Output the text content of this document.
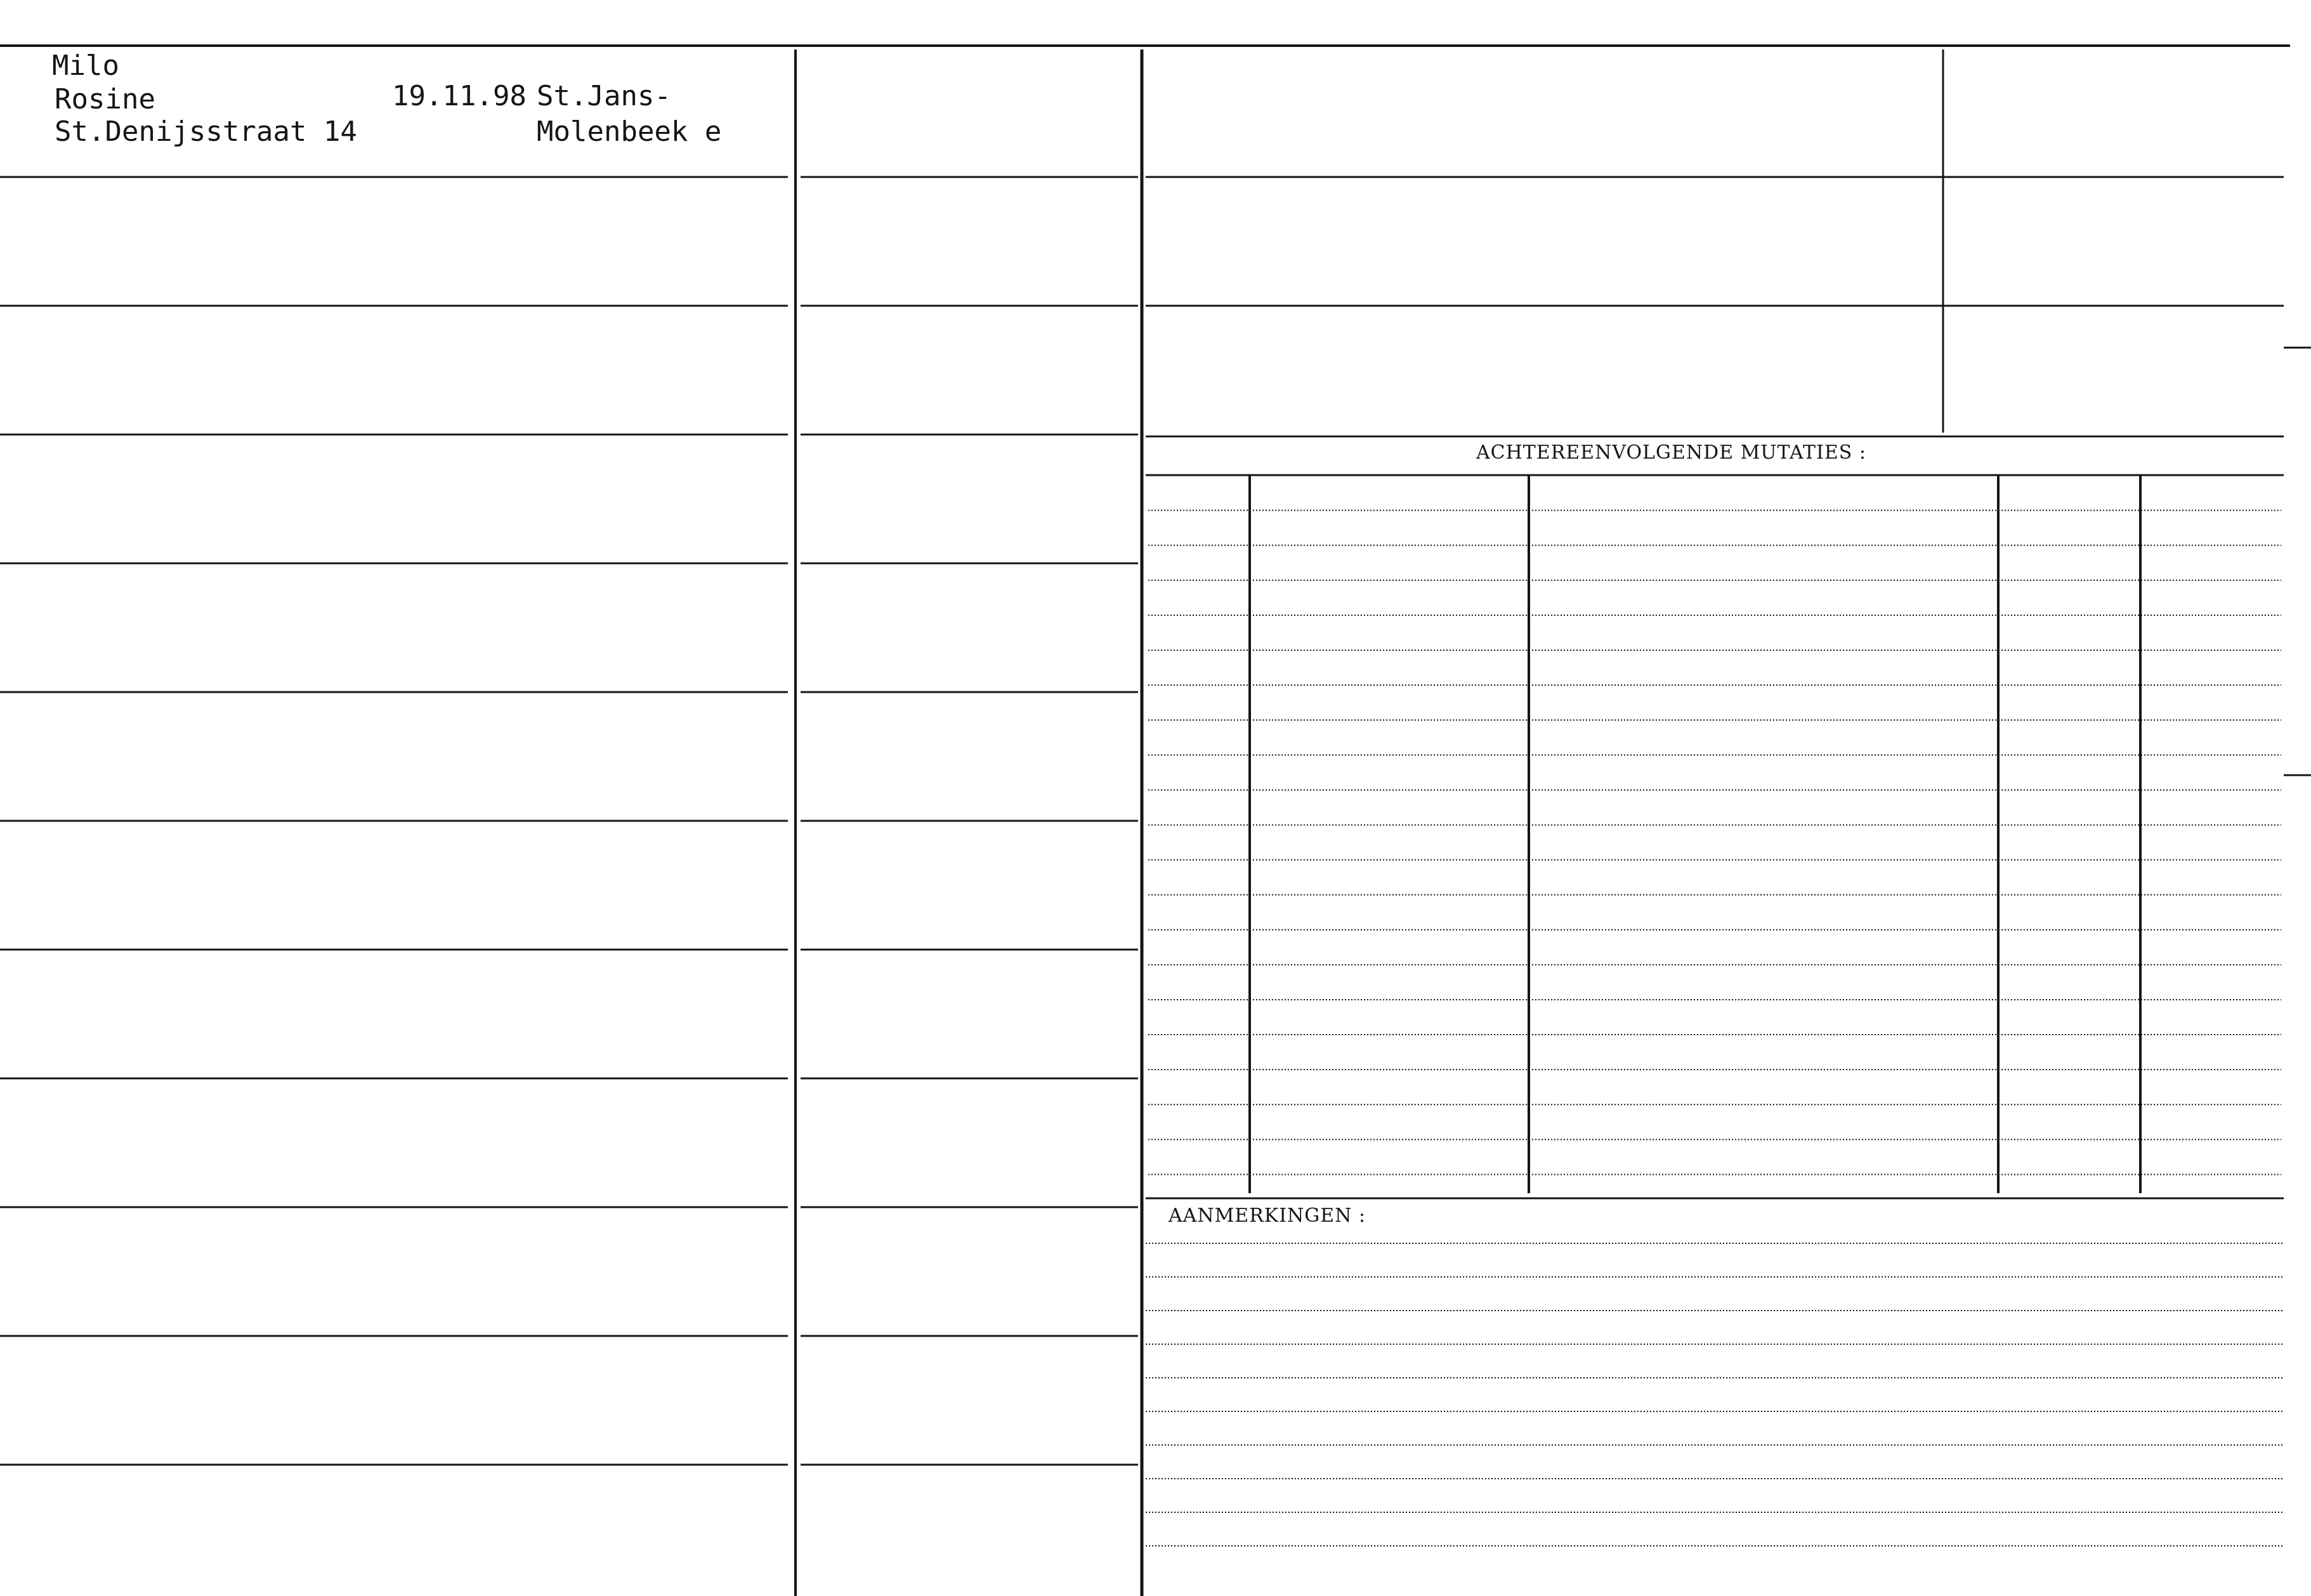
Milo
Rosine
St.Denijsstraat 14
19.11.98 St.Jans-
Molenbeek e
ACHTEREENVOLGENDE MUTATIES :
AANMERKINGEN :
